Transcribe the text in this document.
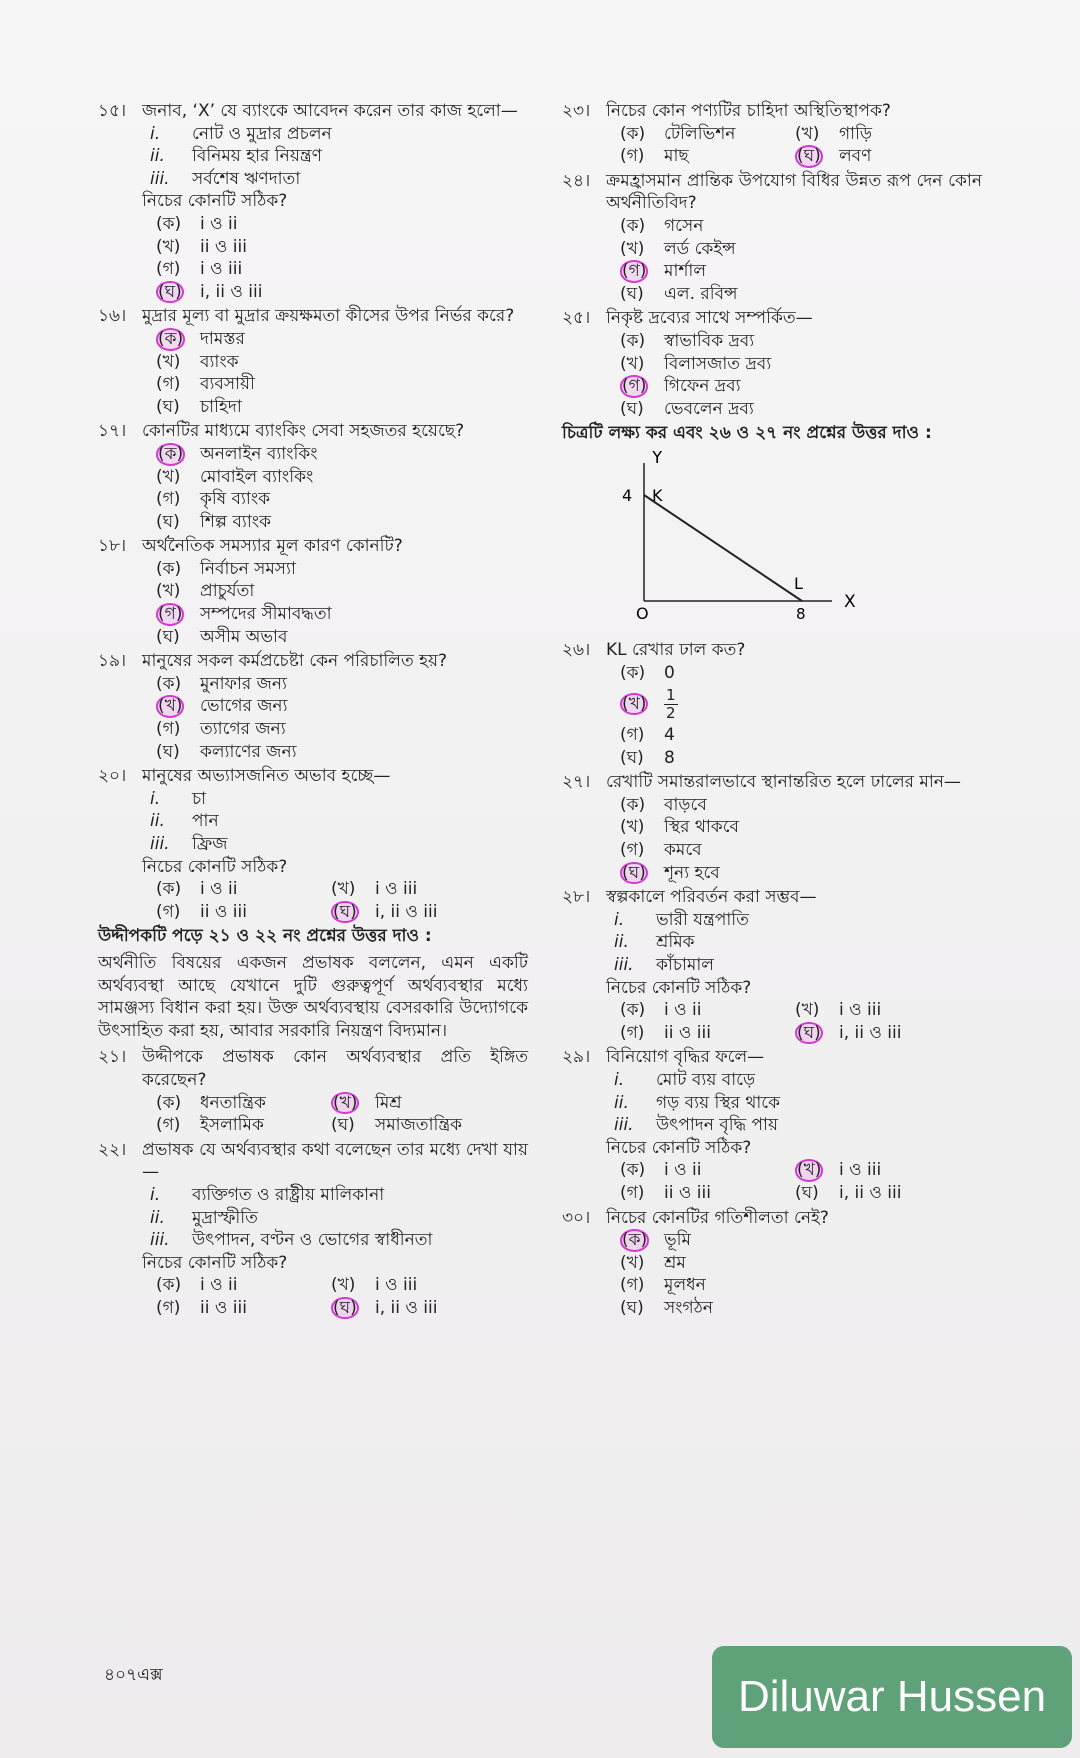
১৫। জনাব, ‘X’ যে ব্যাংকে আবেদন করেন তার কাজ হলো—
i.	নোট ও মুদ্রার প্রচলন
ii.	বিনিময় হার নিয়ন্ত্রণ
iii.	সর্বশেষ ঋণদাতা
নিচের কোনটি সঠিক?
(ক)	i ও ii
(খ)	ii ও iii
(গ)	i ও iii
(ঘ)	i, ii ও iii
১৬। মুদ্রার মূল্য বা মুদ্রার ক্রয়ক্ষমতা কীসের উপর নির্ভর করে?
(ক) দামস্তর
(খ)	ব্যাংক
(গ)	ব্যবসায়ী
(ঘ)	চাহিদা
১৭। কোনটির মাধ্যমে ব্যাংকিং সেবা সহজতর হয়েছে?
(ক) অনলাইন ব্যাংকিং
(খ)	মোবাইল ব্যাংকিং
(গ)	কৃষি ব্যাংক
(ঘ)	শিল্প ব্যাংক
১৮। অর্থনৈতিক সমস্যার মূল কারণ কোনটি?
(ক)	নির্বাচন সমস্যা
(খ)	প্রাচুর্যতা
(গ)	সম্পদের সীমাবদ্ধতা
(ঘ)	অসীম অভাব
১৯। মানুষের সকল কর্মপ্রচেষ্টা কেন পরিচালিত হয়?
(ক)	মুনাফার জন্য
(খ)	ভোগের জন্য
(গ)	ত্যাগের জন্য
(ঘ)	কল্যাণের জন্য
২০। মানুষের অভ্যাসজনিত অভাব হচ্ছে—
i.	চা
ii.	পান
iii.	ফ্রিজ
নিচের কোনটি সঠিক?
(ক)	i ও ii	(খ)	i ও iii
(গ)	ii ও iii	(ঘ)	i, ii ও iii
উদ্দীপকটি পড়ে ২১ ও ২২ নং প্রশ্নের উত্তর দাও :
অর্থনীতি বিষয়ের একজন প্রভাষক বললেন, এমন একটি অর্থব্যবস্থা আছে যেখানে দুটি গুরুত্বপূর্ণ অর্থব্যবস্থার মধ্যে সামঞ্জস্য বিধান করা হয়। উক্ত অর্থব্যবস্থায় বেসরকারি উদ্যোগকে উৎসাহিত করা হয়, আবার সরকারি নিয়ন্ত্রণ বিদ্যমান।
২১। উদ্দীপকে প্রভাষক কোন অর্থব্যবস্থার প্রতি ইঙ্গিত করেছেন?
(ক)	ধনতান্ত্রিক	(খ)	মিশ্র
(গ)	ইসলামিক	(ঘ)	সমাজতান্ত্রিক
২২। প্রভাষক যে অর্থব্যবস্থার কথা বলেছেন তার মধ্যে দেখা যায়—
i.	ব্যক্তিগত ও রাষ্ট্রীয় মালিকানা
ii.	মুদ্রাস্ফীতি
iii.	উৎপাদন, বণ্টন ও ভোগের স্বাধীনতা
নিচের কোনটি সঠিক?
(ক)	i ও ii	(খ)	i ও iii
(গ)	ii ও iii	(ঘ)	i, ii ও iii
২৩। নিচের কোন পণ্যটির চাহিদা অস্থিতিস্থাপক?
(ক)	টেলিভিশন	(খ)	গাড়ি
(গ)	মাছ	(ঘ)	লবণ
২৪। ক্রমহ্রাসমান প্রান্তিক উপযোগ বিধির উন্নত রূপ দেন কোন অর্থনীতিবিদ?
(ক)	গসেন
(খ)	লর্ড কেইন্স
(গ)	মার্শাল
(ঘ)	এল. রবিন্স
২৫। নিকৃষ্ট দ্রব্যের সাথে সম্পর্কিত—
(ক)	স্বাভাবিক দ্রব্য
(খ)	বিলাসজাত দ্রব্য
(গ)	গিফেন দ্রব্য
(ঘ)	ভেবলেন দ্রব্য
চিত্রটি লক্ষ্য কর এবং ২৬ ও ২৭ নং প্রশ্নের উত্তর দাও :
Y
4 K
L
O	8
X
২৬। KL রেখার ঢাল কত?
(ক)	0
(খ)	1
2
(গ)	4
(ঘ)	8
২৭। রেখাটি সমান্তরালভাবে স্থানান্তরিত হলে ঢালের মান—
(ক)	বাড়বে
(খ)	স্থির থাকবে
(গ)	কমবে
(ঘ)	শূন্য হবে
২৮। স্বল্পকালে পরিবর্তন করা সম্ভব—
i.	ভারী যন্ত্রপাতি
ii.	শ্রমিক
iii.	কাঁচামাল
নিচের কোনটি সঠিক?
(ক)	i ও ii	(খ)	i ও iii
(গ)	ii ও iii	(ঘ)	i, ii ও iii
২৯। বিনিয়োগ বৃদ্ধির ফলে—
i.	মোট ব্যয় বাড়ে
ii.	গড় ব্যয় স্থির থাকে
iii.	উৎপাদন বৃদ্ধি পায়
নিচের কোনটি সঠিক?
(ক)	i ও ii	(খ)	i ও iii
(গ)	ii ও iii	(ঘ)	i, ii ও iii
৩০। নিচের কোনটির গতিশীলতা নেই?
(ক) ভূমি
(খ)	শ্রম
(গ)	মূলধন
(ঘ)	সংগঠন
৪০৭এক্স	Diluwar Hussen
